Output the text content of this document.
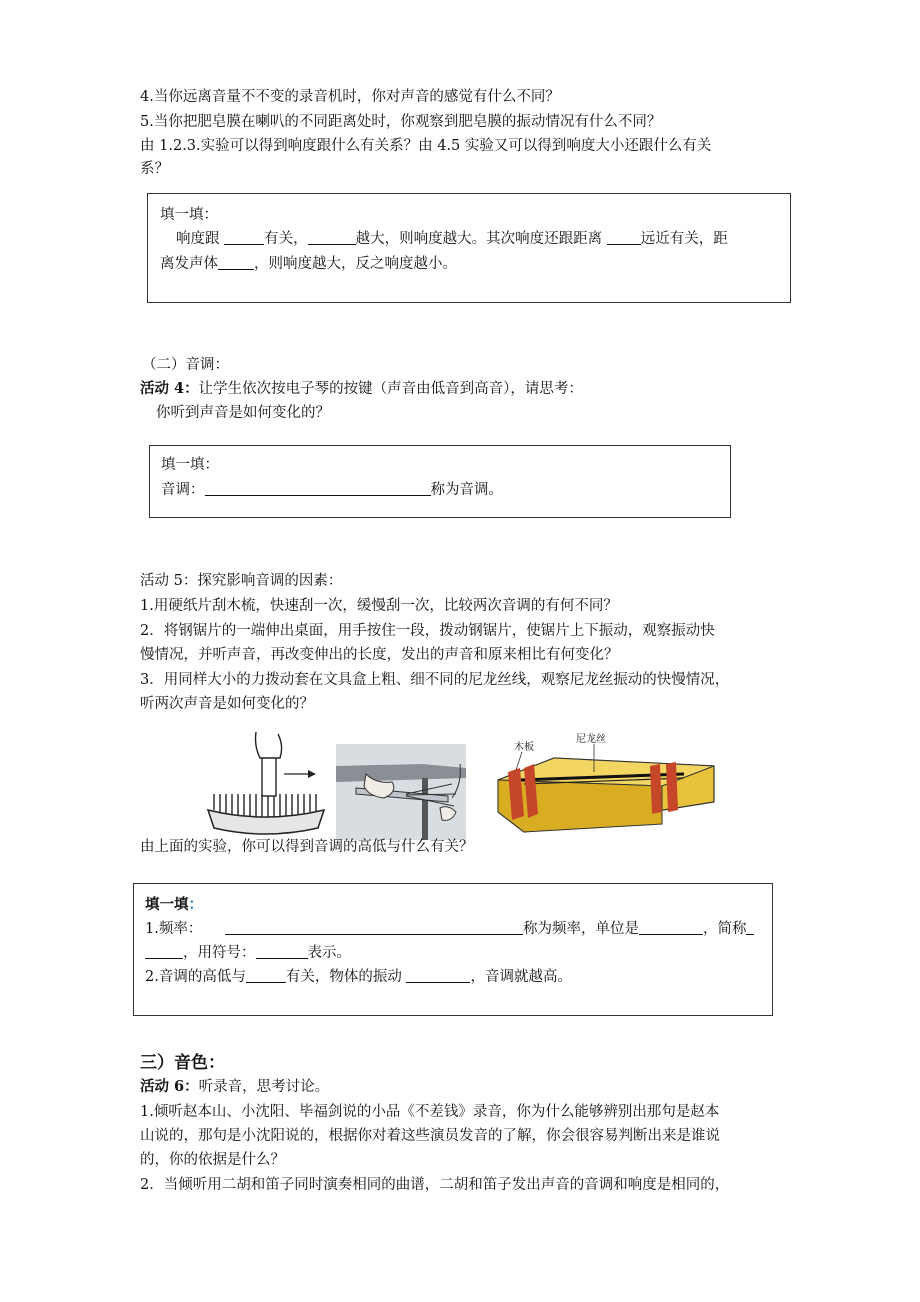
4.当你远离音量不不变的录音机时，你对声音的感觉有什么不同？
5.当你把肥皂膜在喇叭的不同距离处时，你观察到肥皂膜的振动情况有什么不同？
由 1.2.3.实验可以得到响度跟什么有关系？由 4.5 实验又可以得到响度大小还跟什么有关
系？
填一填：
响度跟	有关，	越大，则响度越大。其次响度还跟距离	远近有关，距
离发声体 ，则响度越大，反之响度越小。
（二）音调：
活动 4：让学生依次按电子琴的按键（声音由低音到高音），请思考：
你听到声音是如何变化的？
填一填：
音调：	称为音调。
活动 5：探究影响音调的因素：
1.用硬纸片刮木梳，快速刮一次，缓慢刮一次，比较两次音调的有何不同？
2．将钢锯片的一端伸出桌面，用手按住一段，拨动钢锯片，使锯片上下振动，观察振动快
慢情况，并听声音，再改变伸出的长度，发出的声音和原来相比有何变化？
3．用同样大小的力拨动套在文具盒上粗、细不同的尼龙丝线，观察尼龙丝振动的快慢情况，
听两次声音是如何变化的？
木板
尼龙丝
由上面的实验，你可以得到音调的高低与什么有关？
填一填：
1.频率：	称为频率，单位是	，简称
，用符号：	表示。
2.音调的高低与	有关，物体的振动	，音调就越高。
三）音色：
活动 6：听录音，思考讨论。
1.倾听赵本山、小沈阳、毕福剑说的小品《不差钱》录音，你为什么能够辨别出那句是赵本
山说的，那句是小沈阳说的，根据你对着这些演员发音的了解，你会很容易判断出来是谁说
的，你的依据是什么？
2．当倾听用二胡和笛子同时演奏相同的曲谱，二胡和笛子发出声音的音调和响度是相同的，
